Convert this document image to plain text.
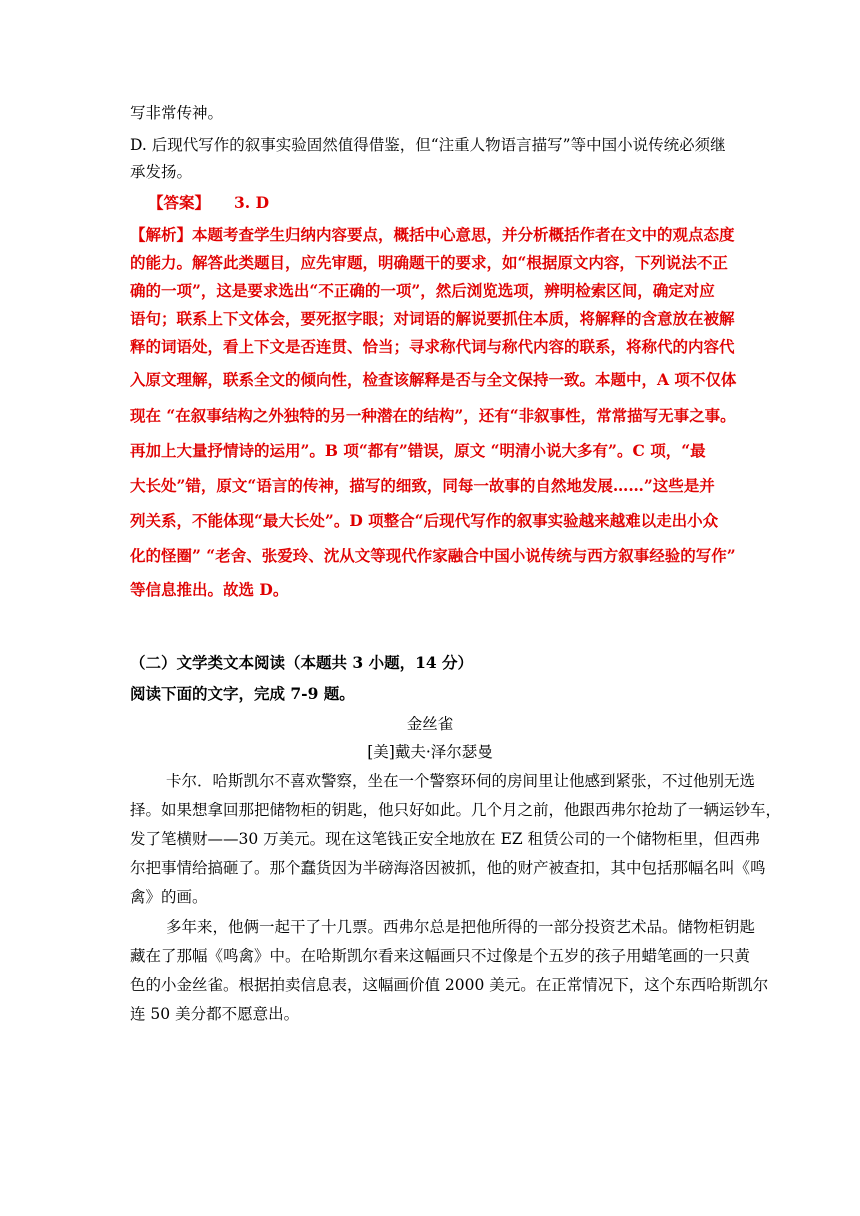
写非常传神。
D. 后现代写作的叙事实验固然值得借鉴，但“注重人物语言描写”等中国小说传统必须继
承发扬。
【答案】 3. D
【解析】本题考查学生归纳内容要点，概括中心意思，并分析概括作者在文中的观点态度
的能力。解答此类题目，应先审题，明确题干的要求，如“根据原文内容，下列说法不正
确的一项”，这是要求选出“不正确的一项”，然后浏览选项，辨明检索区间，确定对应
语句；联系上下文体会，要死抠字眼；对词语的解说要抓住本质，将解释的含意放在被解
释的词语处，看上下文是否连贯、恰当；寻求称代词与称代内容的联系，将称代的内容代
入原文理解，联系全文的倾向性，检查该解释是否与全文保持一致。本题中，A 项不仅体
现在 “在叙事结构之外独特的另一种潜在的结构”，还有“非叙事性，常常描写无事之事。
再加上大量抒情诗的运用”。B 项“都有”错误，原文 “明清小说大多有”。C 项，“最
大长处”错，原文“语言的传神，描写的细致，同每一故事的自然地发展……”这些是并
列关系，不能体现“最大长处”。D 项整合“后现代写作的叙事实验越来越难以走出小众
化的怪圈” “老舍、张爱玲、沈从文等现代作家融合中国小说传统与西方叙事经验的写作”
等信息推出。故选 D。
（二）文学类文本阅读（本题共 3 小题，14 分）
阅读下面的文字，完成 7-9 题。
金丝雀
[美]戴夫·泽尔瑟曼
卡尔．哈斯凯尔不喜欢警察，坐在一个警察环伺的房间里让他感到紧张，不过他别无选
择。如果想拿回那把储物柜的钥匙，他只好如此。几个月之前，他跟西弗尔抢劫了一辆运钞车，
发了笔横财——30 万美元。现在这笔钱正安全地放在 EZ 租赁公司的一个储物柜里，但西弗
尔把事情给搞砸了。那个蠢货因为半磅海洛因被抓，他的财产被查扣，其中包括那幅名叫《鸣
禽》的画。
多年来，他俩一起干了十几票。西弗尔总是把他所得的一部分投资艺术品。储物柜钥匙
藏在了那幅《鸣禽》中。在哈斯凯尔看来这幅画只不过像是个五岁的孩子用蜡笔画的一只黄
色的小金丝雀。根据拍卖信息表，这幅画价值 2000 美元。在正常情况下，这个东西哈斯凯尔
连 50 美分都不愿意出。
